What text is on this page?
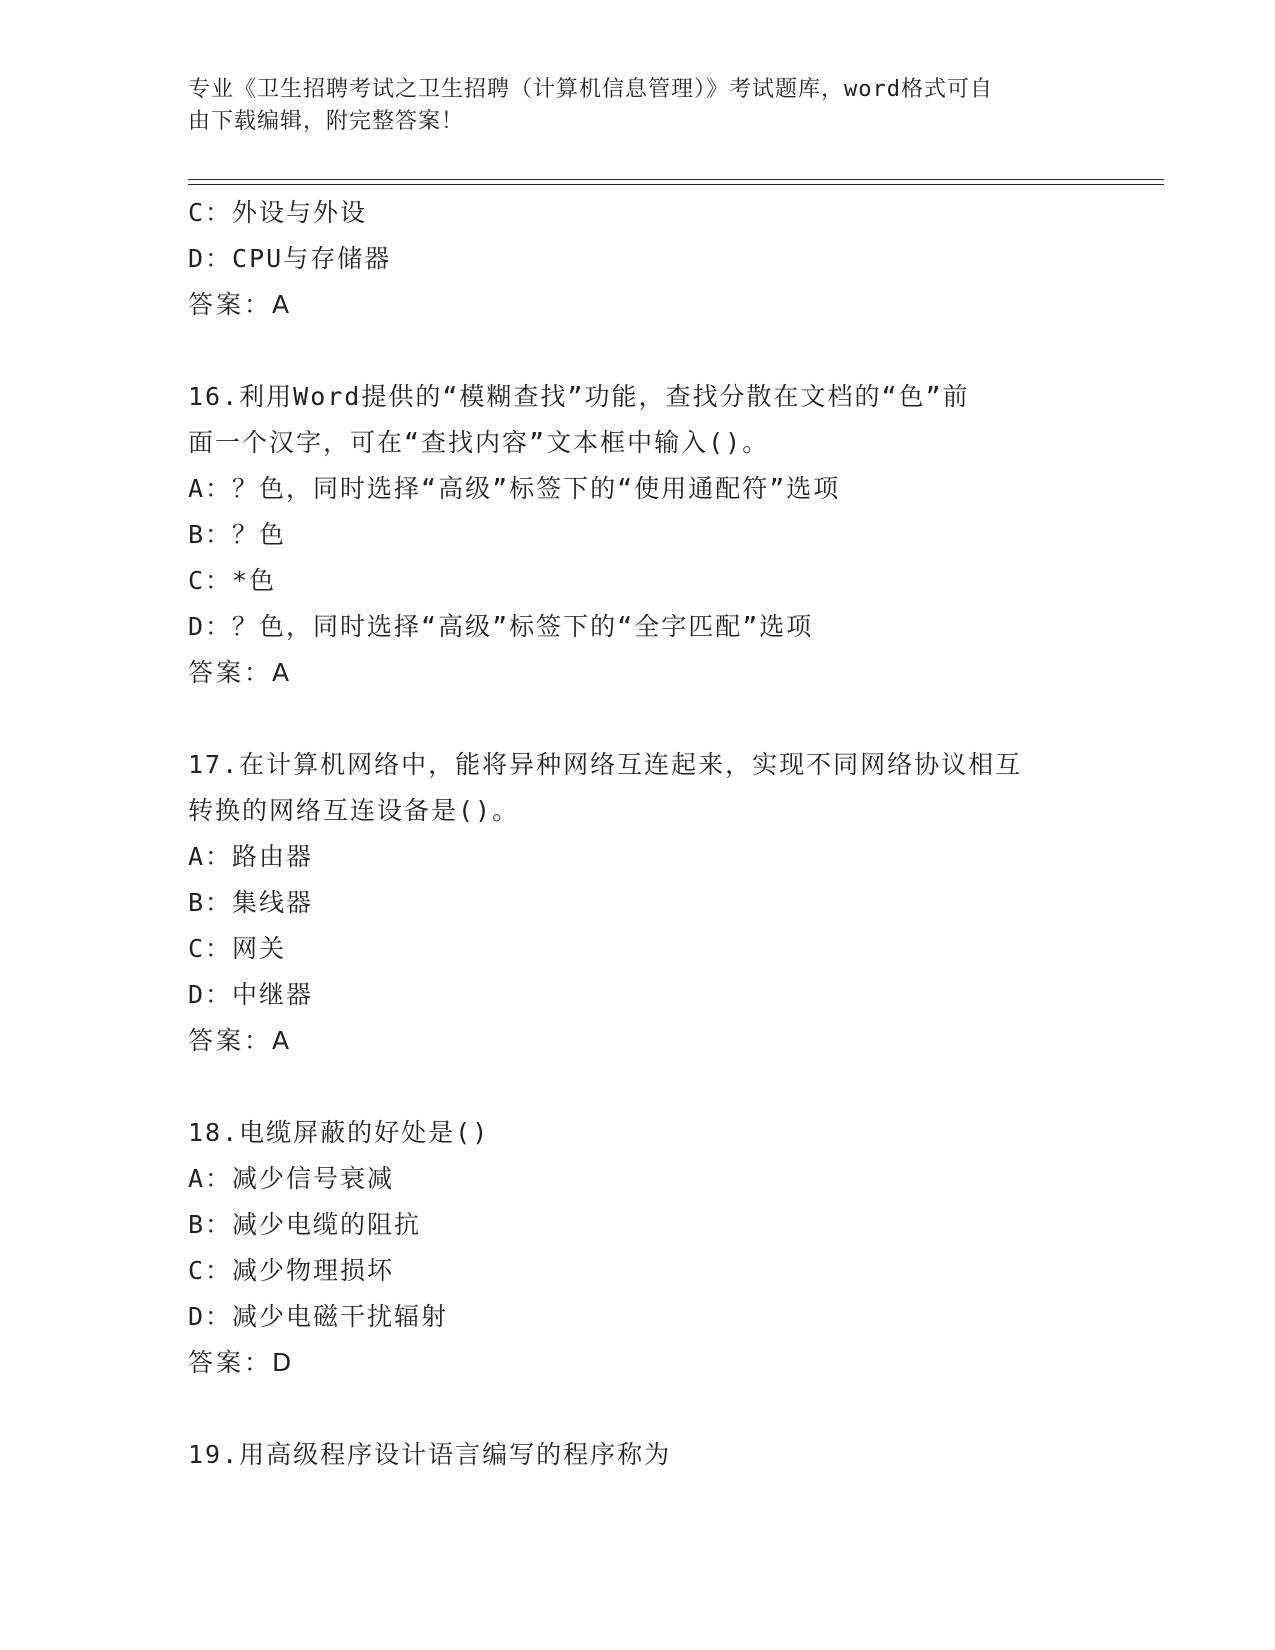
专业《卫生招聘考试之卫生招聘（计算机信息管理）》考试题库，word格式可自
由下载编辑，附完整答案！
C：外设与外设
D：CPU与存储器
答案：A
16.利用Word提供的“模糊查找”功能，查找分散在文档的“色”前
面一个汉字，可在“查找内容”文本框中输入()。
A：？色，同时选择“高级”标签下的“使用通配符”选项
B：？色
C：*色
D：？色，同时选择“高级”标签下的“全字匹配”选项
答案：A
17.在计算机网络中，能将异种网络互连起来，实现不同网络协议相互
转换的网络互连设备是()。
A：路由器
B：集线器
C：网关
D：中继器
答案：A
18.电缆屏蔽的好处是()
A：减少信号衰减
B：减少电缆的阻抗
C：减少物理损坏
D：减少电磁干扰辐射
答案：D
19.用高级程序设计语言编写的程序称为
